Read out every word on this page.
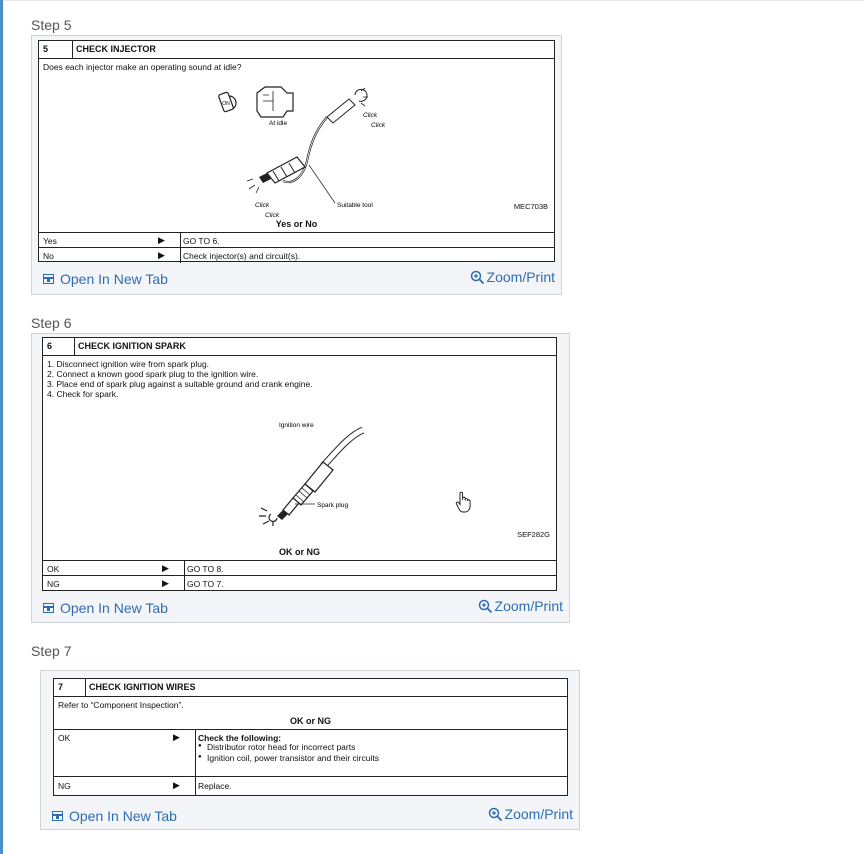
Step 5
5	CHECK INJECTOR
Does each injector make an operating sound at idle?
ON
At idle
Click
Click
Click
Click
Suitable tool	MEC703B
Yes or No
Yes	▶ GO TO 6.
No	▶ Check injector(s) and circuit(s).
Open In New Tab	Zoom/Print
Step 6
6	CHECK IGNITION SPARK
1. Disconnect ignition wire from spark plug.
2. Connect a known good spark plug to the ignition wire.
3. Place end of spark plug against a suitable ground and crank engine.
4. Check for spark.
Ignition wire
Spark plug
SEF282G
OK or NG
OK	▶ GO TO 8.
NG	▶ GO TO 7.
Open In New Tab	Zoom/Print
Step 7
7	CHECK IGNITION WIRES
Refer to “Component Inspection”.
OK or NG
OK	▶ Check the following:
● Distributor rotor head for incorrect parts
● Ignition coil, power transistor and their circuits
NG	▶ Replace.
Open In New Tab	Zoom/Print
